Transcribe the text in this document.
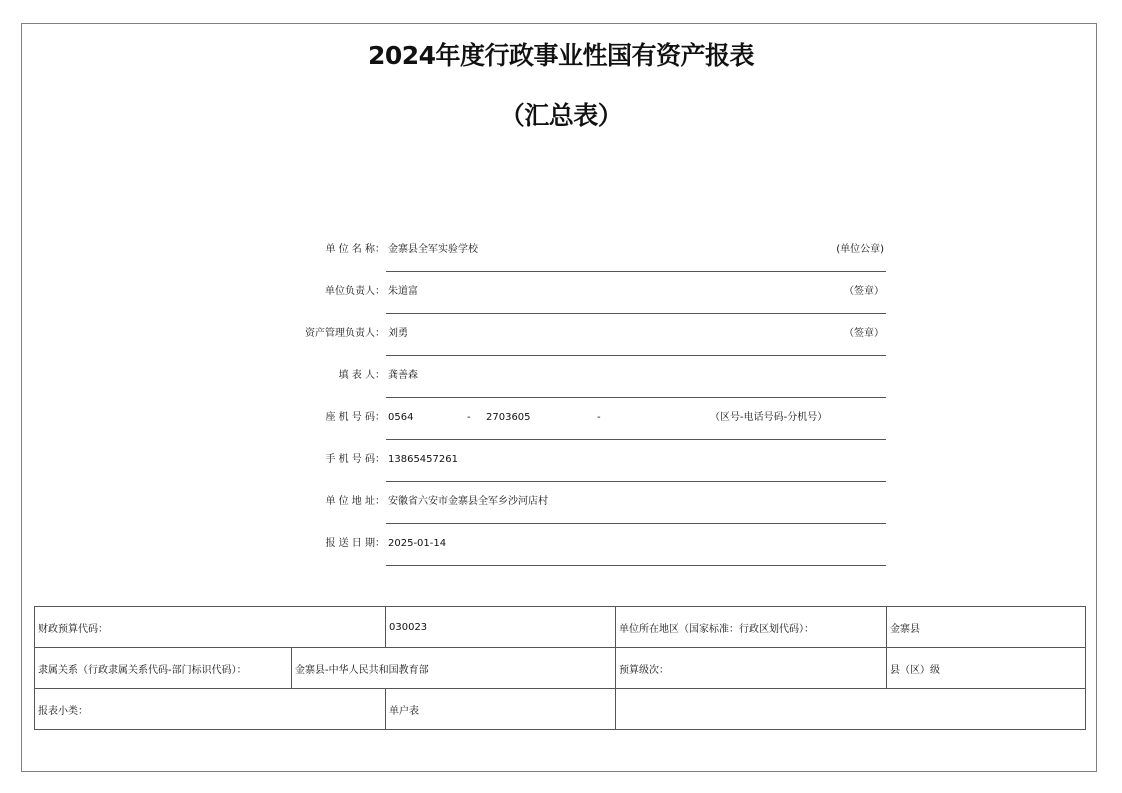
2024年度行政事业性国有资产报表
（汇总表）
单 位 名 称： 金寨县全军实验学校	(单位公章)
单位负责人： 朱道富	（签章）
资产管理负责人： 刘勇	（签章）
填 表 人： 龚善森
座 机 号 码： 0564	- 2703605	-	（区号-电话号码-分机号）
手 机 号 码： 13865457261
单 位 地 址： 安徽省六安市金寨县全军乡沙河店村
报 送 日 期： 2025-01-14
财政预算代码：		030023	单位所在地区（国家标准：行政区划代码）：	金寨县
隶属关系（行政隶属关系代码-部门标识代码）：	金寨县-中华人民共和国教育部		预算级次：	县（区）级
报表小类：		单户表		
